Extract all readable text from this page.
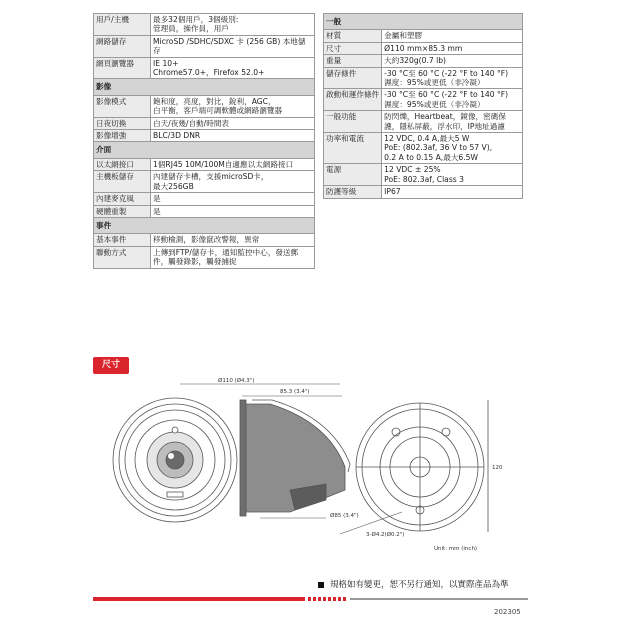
用戶/主機	最多32個用戶，3個級別:
管理員，操作員，用戶
網路儲存	MicroSD /SDHC/SDXC 卡 (256 GB) 本地儲存
網頁瀏覽器	IE 10+
Chrome57.0+，Firefox 52.0+
影像	
影像模式	飽和度，亮度，對比，銳利，AGC，
白平衡，客戶端可調軟體或網路瀏覽器
日夜切換	白天/夜幾/自動/時間表
影像增強	BLC/3D DNR
介面	
以太網接口	1個RJ45 10M/100M自適應以太網路接口
主機板儲存	內建儲存卡槽，支援microSD卡，
最大256GB
內建麥克風	是
硬體重製	是
事件	
基本事件	移動檢測，影像竄改警報，異常
聯動方式	上傳到FTP/儲存卡，通知監控中心，發送郵件，觸發錄影，觸發捕捉
一般	
材質	金屬和塑膠
尺寸	Ø110 mm×85.3 mm
重量	大約320g(0.7 lb)
儲存條件	-30 °C至 60 °C (-22 °F to 140 °F)
濕度：95%或更低（非冷凝）
啟動和運作條件	-30 °C至 60 °C (-22 °F to 140 °F)
濕度：95%或更低（非冷凝）
一般功能	防閃爍，Heartbeat，鏡像，密碼保護，隱私屏蔽，浮水印，IP地址過濾
功率和電流	12 VDC, 0.4 A,最大5 W
PoE: (802.3af, 36 V to 57 V),
0.2 A to 0.15 A,最大6.5W
電源	12 VDC ± 25%
PoE: 802.3af, Class 3
防護等級	IP67
尺寸
Ø110 (Ø4.3")
85.3 (3.4")
120
Ø85 (3.4")
3-Ø4.2(Ø0.2")
Unit: mm (inch)
規格如有變更，恕不另行通知，以實際產品為準
202305
